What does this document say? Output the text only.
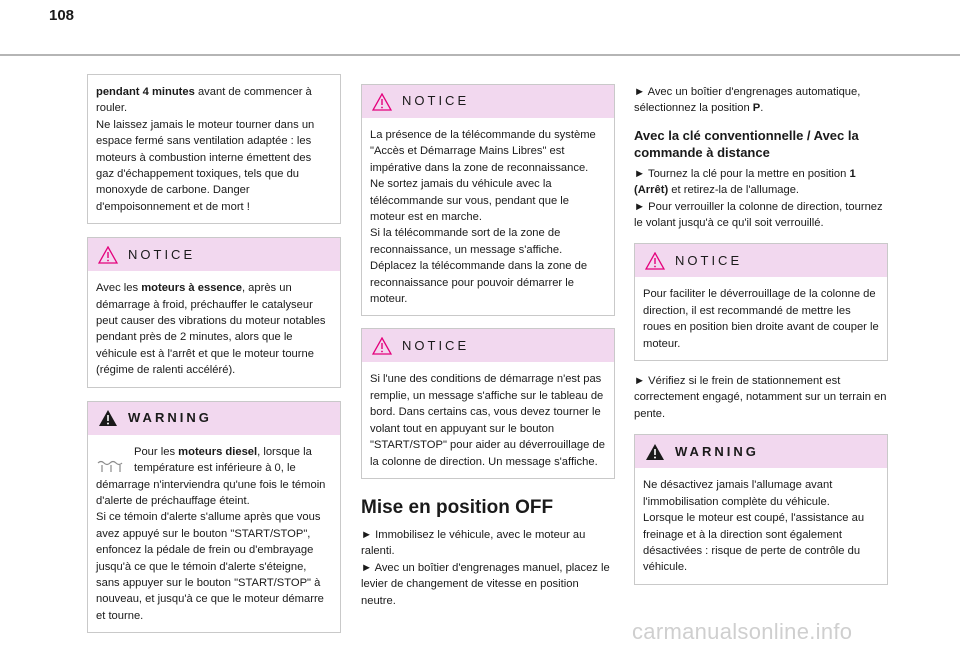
108

pendant 4 minutes avant de commencer à rouler.
Ne laissez jamais le moteur tourner dans un espace fermé sans ventilation adaptée : les moteurs à combustion interne émettent des gaz d'échappement toxiques, tels que du monoxyde de carbone. Danger d'empoisonnement et de mort !

NOTICE

Avec les moteurs à essence, après un démarrage à froid, préchauffer le catalyseur peut causer des vibrations du moteur notables pendant près de 2 minutes, alors que le véhicule est à l'arrêt et que le moteur tourne (régime de ralenti accéléré).

WARNING

Pour les moteurs diesel, lorsque la température est inférieure à 0, le

démarrage n'interviendra qu'une fois le témoin d'alerte de préchauffage éteint.
Si ce témoin d'alerte s'allume après que vous avez appuyé sur le bouton "START/STOP", enfoncez la pédale de frein ou d'embrayage jusqu'à ce que le témoin d'alerte s'éteigne, sans appuyer sur le bouton "START/STOP" à nouveau, et jusqu'à ce que le moteur démarre et tourne.

NOTICE

La présence de la télécommande du système "Accès et Démarrage Mains Libres" est impérative dans la zone de reconnaissance.
Ne sortez jamais du véhicule avec la télécommande sur vous, pendant que le moteur est en marche.
Si la télécommande sort de la zone de reconnaissance, un message s'affiche.
Déplacez la télécommande dans la zone de reconnaissance pour pouvoir démarrer le moteur.

NOTICE

Si l'une des conditions de démarrage n'est pas remplie, un message s'affiche sur le tableau de bord. Dans certains cas, vous devez tourner le volant tout en appuyant sur le bouton "START/STOP" pour aider au déverrouillage de la colonne de direction. Un message s'affiche.

Mise en position OFF

► Immobilisez le véhicule, avec le moteur au ralenti.
► Avec un boîtier d'engrenages manuel, placez le levier de changement de vitesse en position neutre.

► Avec un boîtier d'engrenages automatique, sélectionnez la position P.

Avec la clé conventionnelle / Avec la commande à distance

► Tournez la clé pour la mettre en position 1 (Arrêt) et retirez-la de l'allumage.

► Pour verrouiller la colonne de direction, tournez le volant jusqu'à ce qu'il soit verrouillé.

NOTICE

Pour faciliter le déverrouillage de la colonne de direction, il est recommandé de mettre les roues en position bien droite avant de couper le moteur.

► Vérifiez si le frein de stationnement est correctement engagé, notamment sur un terrain en pente.

WARNING

Ne désactivez jamais l'allumage avant l'immobilisation complète du véhicule.
Lorsque le moteur est coupé, l'assistance au freinage et à la direction sont également désactivées : risque de perte de contrôle du véhicule.

carmanualsonline.info
